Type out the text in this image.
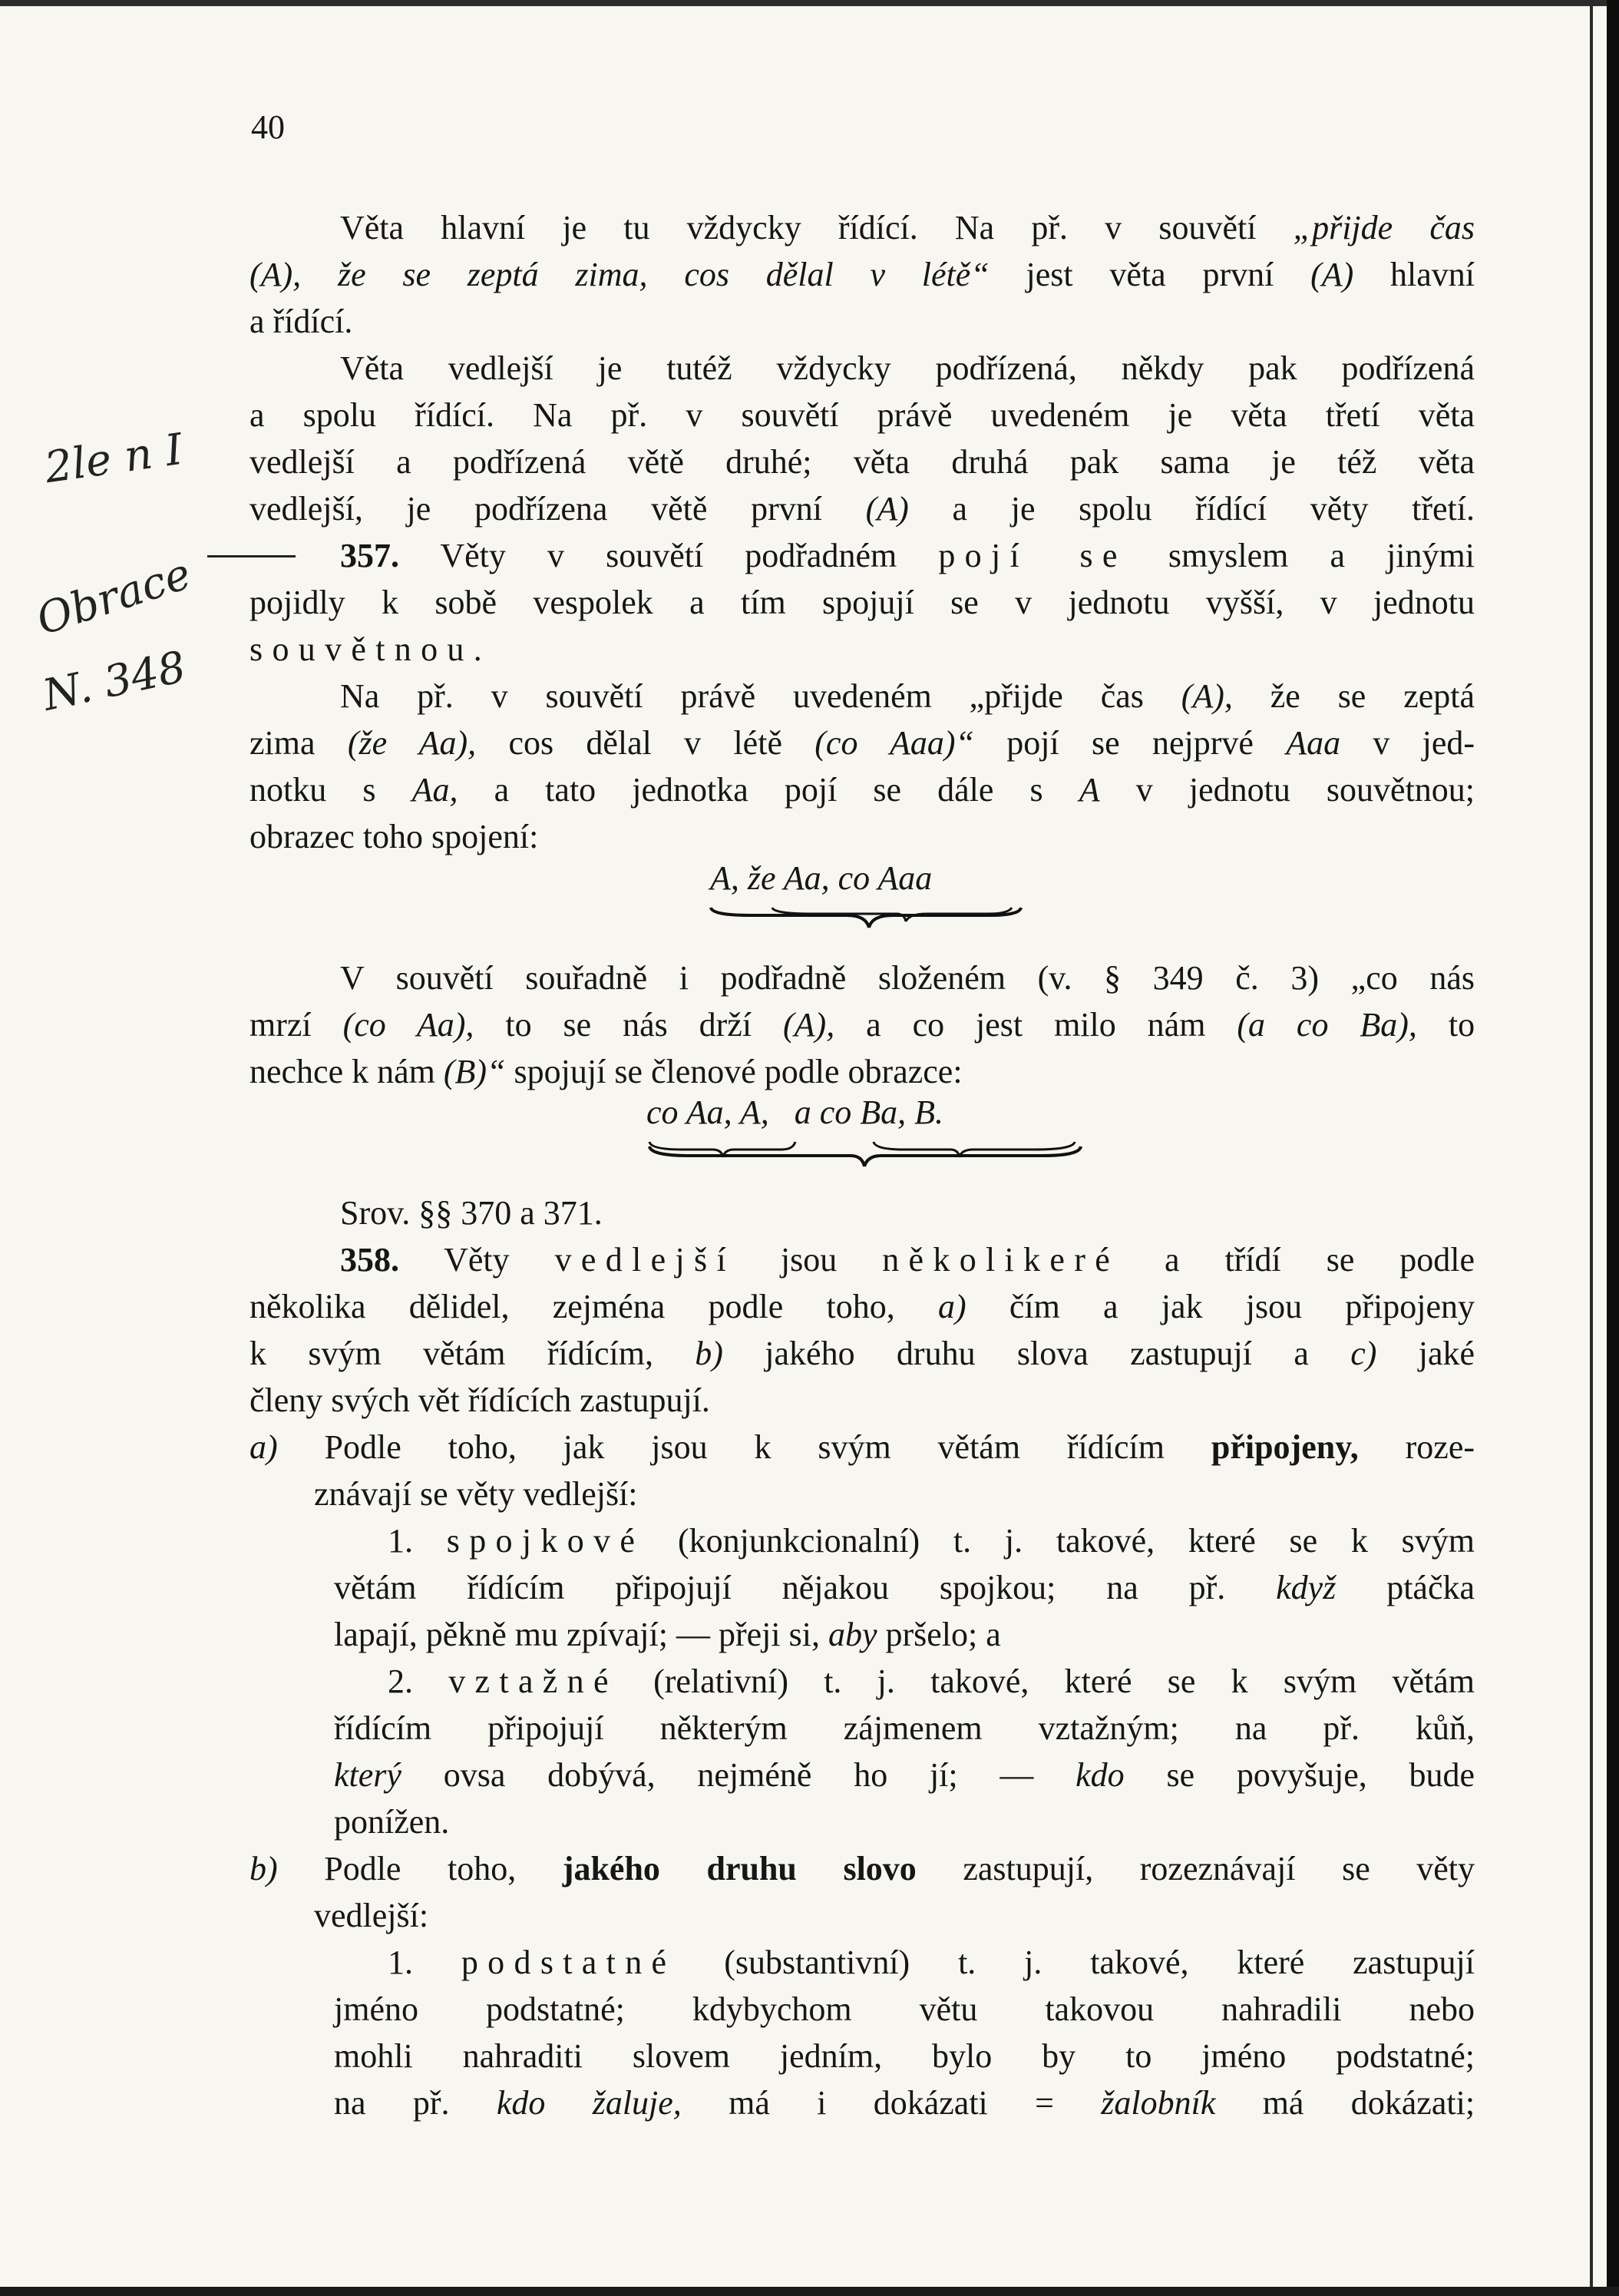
40
2le n I
Obrace
N. 348

Věta hlavní je tu vždycky řídící. Na př. v souvětí „přijde čas

(A), že se zeptá zima, cos dělal v létě“ jest věta první (A) hlavní

a řídící.

Věta vedlejší je tutéž vždycky podřízená, někdy pak podřízená

a spolu řídící. Na př. v souvětí právě uvedeném je věta třetí věta

vedlejší a podřízená větě druhé; věta druhá pak sama je též věta

vedlejší, je podřízena větě první (A) a je spolu řídící věty třetí.

357. Věty v souvětí podřadném pojí se smyslem a jinými

pojidly k sobě vespolek a tím spojují se v jednotu vyšší, v jednotu

souvětnou.

Na př. v souvětí právě uvedeném „přijde čas (A), že se zeptá

zima (že Aa), cos dělal v létě (co Aaa)“ pojí se nejprvé Aaa v jed-

notku s Aa, a tato jednotka pojí se dále s A v jednotu souvětnou;

obrazec toho spojení:

A, že Aa, co Aaa

V souvětí souřadně i podřadně složeném (v. § 349 č. 3) „co nás

mrzí (co Aa), to se nás drží (A), a co jest milo nám (a co Ba), to

nechce k nám (B)“ spojují se členové podle obrazce:

co Aa, A,   a co Ba, B.

Srov. §§ 370 a 371.

358. Věty vedlejší jsou několikeré a třídí se podle

několika dělidel, zejména podle toho, a) čím a jak jsou připojeny

k svým větám řídícím, b) jakého druhu slova zastupují a c) jaké

členy svých vět řídících zastupují.

a) Podle toho, jak jsou k svým větám řídícím připojeny, roze-

znávají se věty vedlejší:

1. spojkové (konjunkcionalní) t. j. takové, které se k svým

větám řídícím připojují nějakou spojkou; na př. když ptáčka

lapají, pěkně mu zpívají; — přeji si, aby pršelo; a

2. vztažné (relativní) t. j. takové, které se k svým větám

řídícím připojují některým zájmenem vztažným; na př. kůň,

který ovsa dobývá, nejméně ho jí; — kdo se povyšuje, bude

ponížen.

b) Podle toho, jakého druhu slovo zastupují, rozeznávají se věty

vedlejší:

1. podstatné (substantivní) t. j. takové, které zastupují

jméno podstatné; kdybychom větu takovou nahradili nebo

mohli nahraditi slovem jedním, bylo by to jméno podstatné;

na př. kdo žaluje, má i dokázati = žalobník má dokázati;
